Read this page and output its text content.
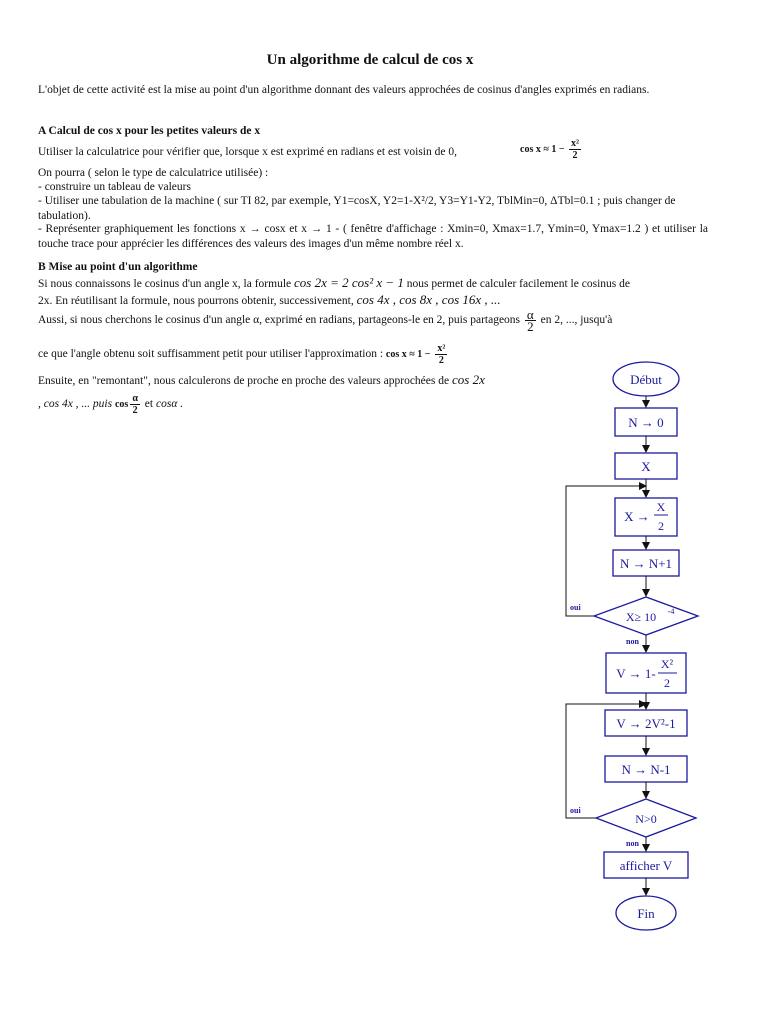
Un algorithme de calcul de cos x
L'objet de cette activité est la mise au point d'un algorithme donnant des valeurs approchées de cosinus d'angles exprimés en radians.
A Calcul de cos x pour les petites valeurs de x
Utiliser la calculatrice pour vérifier que, lorsque x est exprimé en radians et est voisin de 0,	$\cos x \approx 1 - \frac{\text{x²}}{2}$
On pourra ( selon le type de calculatrice utilisée) :
- construire un tableau de valeurs
- Utiliser une tabulation de la machine ( sur TI 82, par exemple, Y1=cosX, Y2=1-X²/2, Y3=Y1-Y2, TblMin=0, ΔTbl=0.1 ; puis changer de tabulation).
- Représenter graphiquement les fonctions x → cosx et x → 1 - ( fenêtre d'affichage : Xmin=0, Xmax=1.7, Ymin=0, Ymax=1.2 ) et utiliser la touche trace pour apprécier les différences des valeurs des images d'un même nombre réel x.
B Mise au point d'un algorithme
Si nous connaissons le cosinus d'un angle x, la formule cos 2x = 2 cos² x − 1 nous permet de calculer facilement le cosinus de
2x. En réutilisant la formule, nous pourrons obtenir, successivement, cos 4x , cos 8x , cos 16x , ...
Aussi, si nous cherchons le cosinus d'un angle α, exprimé en radians, partageons-le en 2, puis partageons $\frac{\alpha}{2}$ en 2, ..., jusqu'à
ce que l'angle obtenu soit suffisamment petit pour utiliser l'approximation : $\cos x \approx 1 - \frac{\text{x²}}{2}$
Ensuite, en "remontant", nous calculerons de proche en proche des valeurs approchées de cos 2x
, cos 4x , ... puis $\cos \frac{\alpha}{2}$ et cosα .
Début
N → 0
X
X →
X
2
N → N+1
X≥ 10 -4
V → 1-
X²
2
V → 2V²-1
N → N-1
N>0
afficher V
Fin
oui
non
oui
non
